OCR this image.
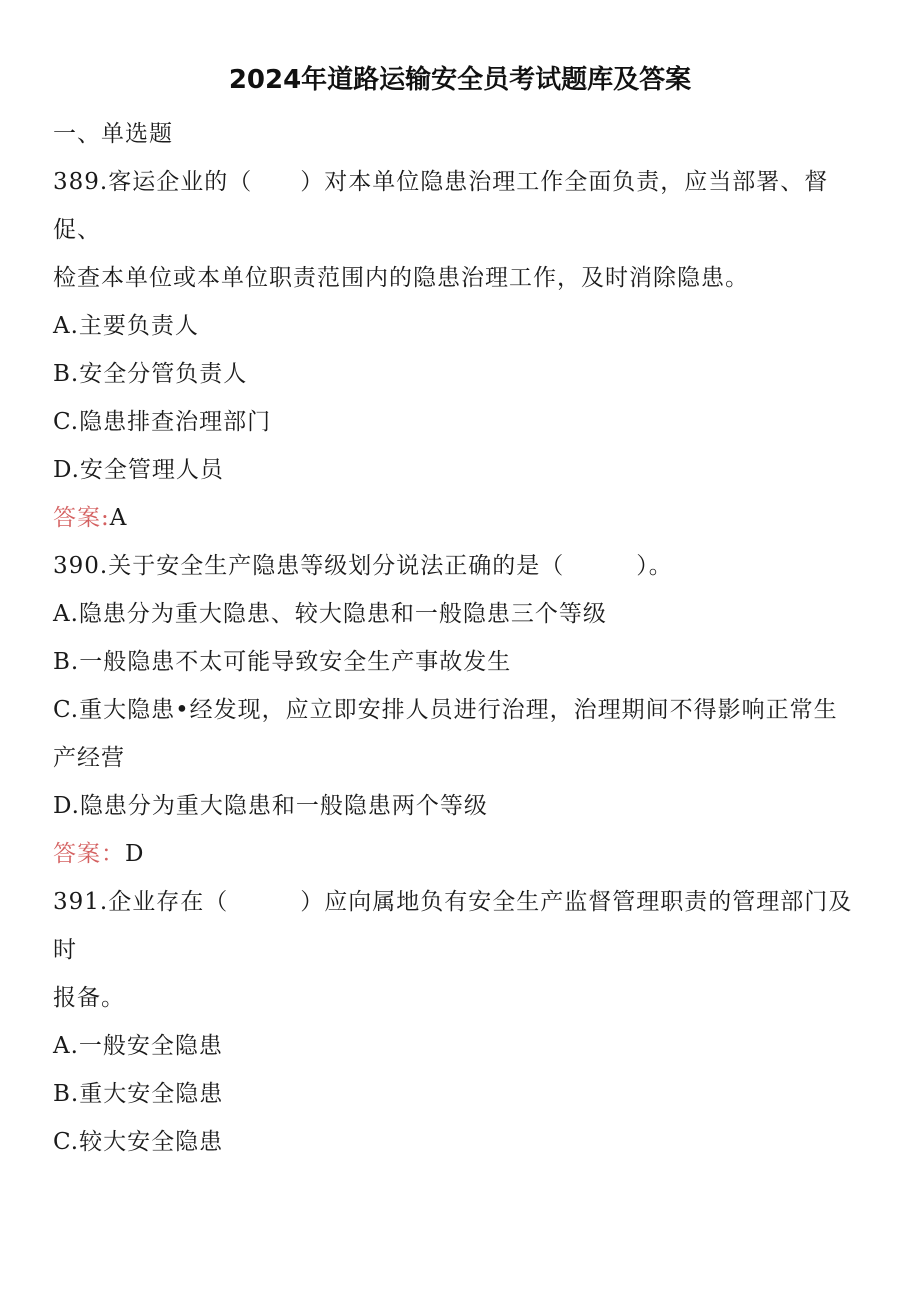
2024年道路运输安全员考试题库及答案
一、单选题
389.客运企业的（　　）对本单位隐患治理工作全面负责，应当部署、督
促、
检查本单位或本单位职责范围内的隐患治理工作，及时消除隐患。
A.主要负责人
B.安全分管负责人
C.隐患排查治理部门
D.安全管理人员
答案:A
390.关于安全生产隐患等级划分说法正确的是（　　　）。
A.隐患分为重大隐患、较大隐患和一般隐患三个等级
B.一般隐患不太可能导致安全生产事故发生
C.重大隐患•经发现，应立即安排人员进行治理，治理期间不得影响正常生
产经营
D.隐患分为重大隐患和一般隐患两个等级
答案：D
391.企业存在（　　　）应向属地负有安全生产监督管理职责的管理部门及
时
报备。
A.一般安全隐患
B.重大安全隐患
C.较大安全隐患
